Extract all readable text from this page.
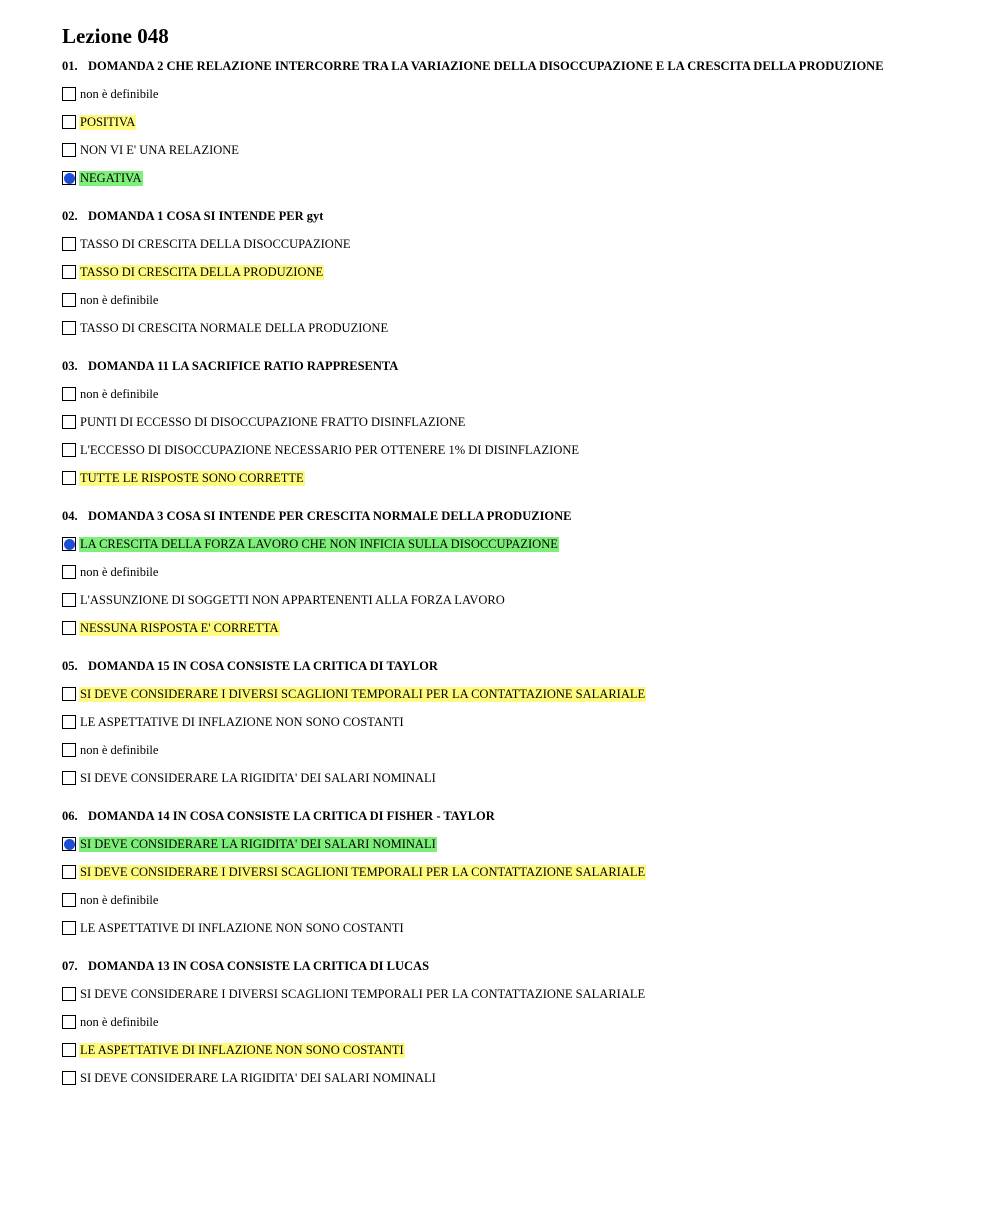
Lezione 048
01. DOMANDA 2 CHE RELAZIONE INTERCORRE TRA LA VARIAZIONE DELLA DISOCCUPAZIONE E LA CRESCITA DELLA PRODUZIONE
non è definibile
POSITIVA
NON VI E' UNA RELAZIONE
NEGATIVA
02. DOMANDA 1 COSA SI INTENDE PER gyt
TASSO DI CRESCITA DELLA DISOCCUPAZIONE
TASSO DI CRESCITA DELLA PRODUZIONE
non è definibile
TASSO DI CRESCITA NORMALE DELLA PRODUZIONE
03. DOMANDA 11 LA SACRIFICE RATIO RAPPRESENTA
non è definibile
PUNTI DI ECCESSO DI DISOCCUPAZIONE FRATTO DISINFLAZIONE
L'ECCESSO DI DISOCCUPAZIONE NECESSARIO PER OTTENERE 1% DI DISINFLAZIONE
TUTTE LE RISPOSTE SONO CORRETTE
04. DOMANDA 3 COSA SI INTENDE PER CRESCITA NORMALE DELLA PRODUZIONE
LA CRESCITA DELLA FORZA LAVORO CHE NON INFICIA SULLA DISOCCUPAZIONE
non è definibile
L'ASSUNZIONE DI SOGGETTI NON APPARTENENTI ALLA FORZA LAVORO
NESSUNA RISPOSTA E' CORRETTA
05. DOMANDA 15 IN COSA CONSISTE LA CRITICA DI TAYLOR
SI DEVE CONSIDERARE I DIVERSI SCAGLIONI TEMPORALI PER LA CONTATTAZIONE SALARIALE
LE ASPETTATIVE DI INFLAZIONE NON SONO COSTANTI
non è definibile
SI DEVE CONSIDERARE LA RIGIDITA' DEI SALARI NOMINALI
06. DOMANDA 14 IN COSA CONSISTE LA CRITICA DI FISHER - TAYLOR
SI DEVE CONSIDERARE LA RIGIDITA' DEI SALARI NOMINALI
SI DEVE CONSIDERARE I DIVERSI SCAGLIONI TEMPORALI PER LA CONTATTAZIONE SALARIALE
non è definibile
LE ASPETTATIVE DI INFLAZIONE NON SONO COSTANTI
07. DOMANDA 13 IN COSA CONSISTE LA CRITICA DI LUCAS
SI DEVE CONSIDERARE I DIVERSI SCAGLIONI TEMPORALI PER LA CONTATTAZIONE SALARIALE
non è definibile
LE ASPETTATIVE DI INFLAZIONE NON SONO COSTANTI
SI DEVE CONSIDERARE LA RIGIDITA' DEI SALARI NOMINALI
